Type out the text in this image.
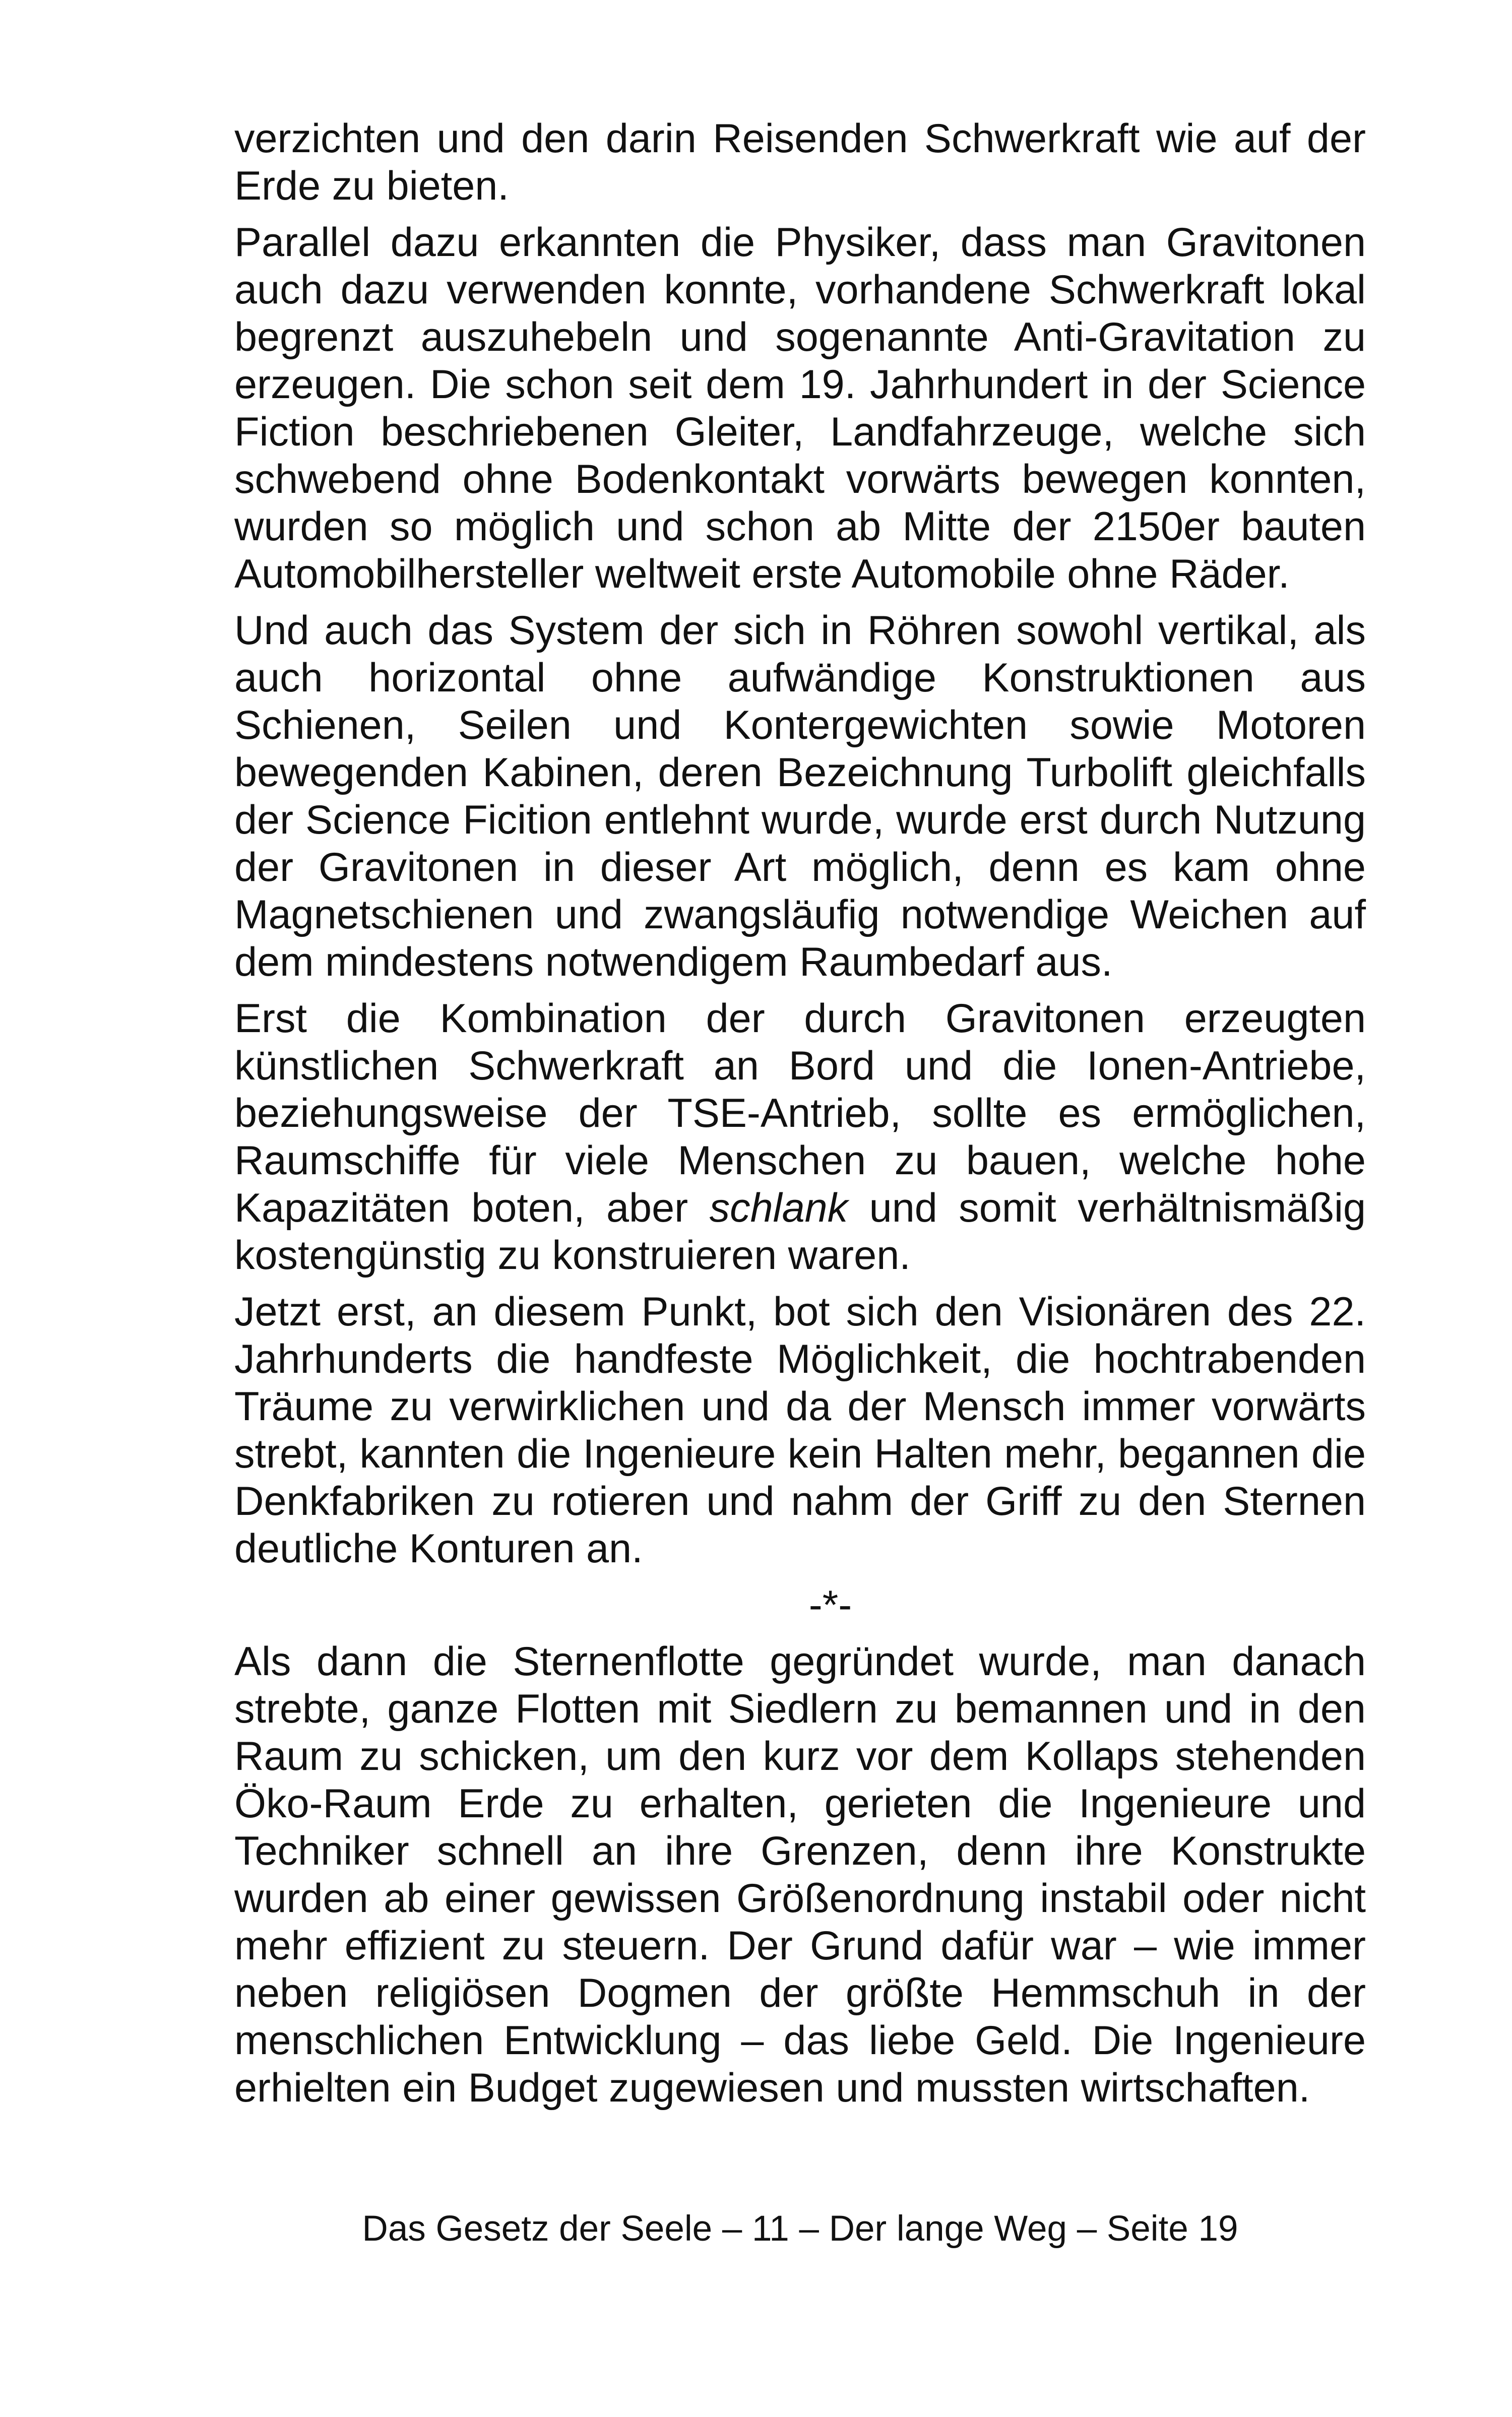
verzichten und den darin Reisenden Schwerkraft wie auf der Erde zu bieten.

Parallel dazu erkannten die Physiker, dass man Gravitonen auch dazu verwenden konnte, vorhandene Schwerkraft lokal begrenzt auszuhebeln und sogenannte Anti-Gravitation zu erzeugen. Die schon seit dem 19. Jahrhundert in der Science Fiction beschriebenen Gleiter, Landfahrzeuge, welche sich schwebend ohne Bodenkontakt vorwärts bewegen konnten, wurden so möglich und schon ab Mitte der 2150er bauten Automobilhersteller weltweit erste Automobile ohne Räder.

Und auch das System der sich in Röhren sowohl vertikal, als auch horizontal ohne aufwändige Konstruktionen aus Schienen, Seilen und Kontergewichten sowie Motoren bewegenden Kabinen, deren Bezeichnung Turbolift gleichfalls der Science Ficition entlehnt wurde, wurde erst durch Nutzung der Gravitonen in dieser Art möglich, denn es kam ohne Magnetschienen und zwangsläufig notwendige Weichen auf dem mindestens notwendigem Raumbedarf aus.

Erst die Kombination der durch Gravitonen erzeugten künstlichen Schwerkraft an Bord und die Ionen-Antriebe, beziehungsweise der TSE-Antrieb, sollte es ermöglichen, Raumschiffe für viele Menschen zu bauen, welche hohe Kapazitäten boten, aber schlank und somit verhältnismäßig kostengünstig zu konstruieren waren.

Jetzt erst, an diesem Punkt, bot sich den Visionären des 22. Jahrhunderts die handfeste Möglichkeit, die hochtrabenden Träume zu verwirklichen und da der Mensch immer vorwärts strebt, kannten die Ingenieure kein Halten mehr, begannen die Denkfabriken zu rotieren und nahm der Griff zu den Sternen deutliche Konturen an.

-*-

Als dann die Sternenflotte gegründet wurde, man danach strebte, ganze Flotten mit Siedlern zu bemannen und in den Raum zu schicken, um den kurz vor dem Kollaps stehenden Öko-Raum Erde zu erhalten, gerieten die Ingenieure und Techniker schnell an ihre Grenzen, denn ihre Konstrukte wurden ab einer gewissen Größenordnung instabil oder nicht mehr effizient zu steuern. Der Grund dafür war – wie immer neben religiösen Dogmen der größte Hemmschuh in der menschlichen Entwicklung – das liebe Geld. Die Ingenieure erhielten ein Budget zugewiesen und mussten wirtschaften.

Das Gesetz der Seele – 11 – Der lange Weg – Seite 19
